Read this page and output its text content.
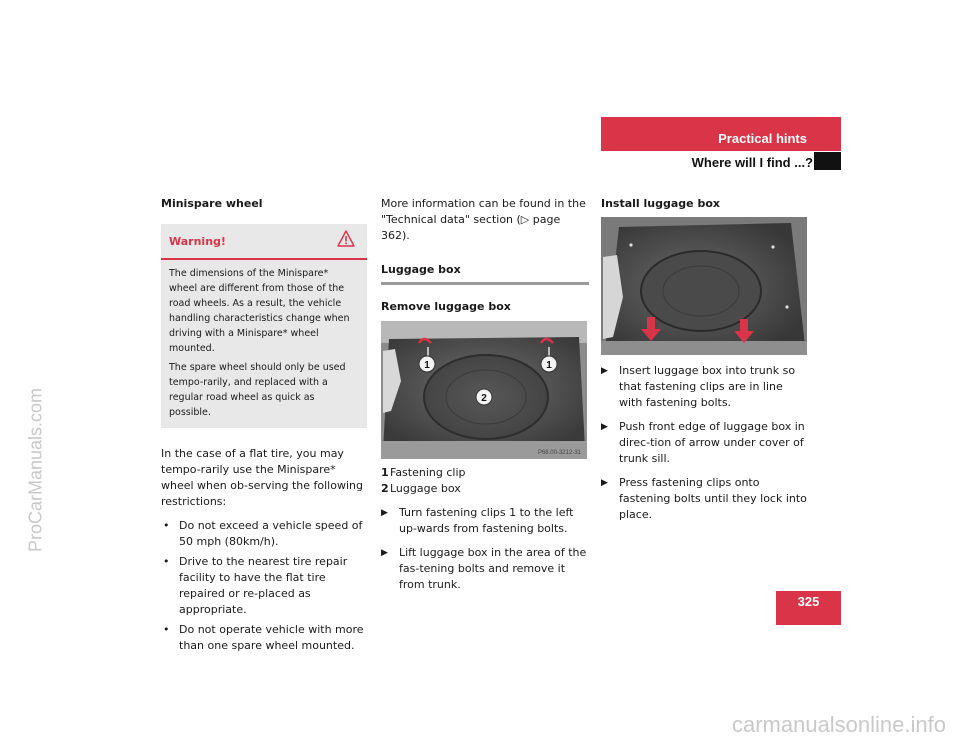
ProCarManuals.com
carmanualsonline.info
Practical hints
Where will I find ...?

Minispare wheel

Warning!

The dimensions of the Minispare* wheel are different from those of the road wheels. As a result, the vehicle handling characteristics change when driving with a Minispare* wheel mounted.

The spare wheel should only be used tempo-rarily, and replaced with a regular road wheel as quick as possible.

In the case of a flat tire, you may tempo-rarily use the Minispare* wheel when ob-serving the following restrictions:

• Do not exceed a vehicle speed of 50 mph (80km/h).
• Drive to the nearest tire repair facility to have the flat tire repaired or re-placed as appropriate.
• Do not operate vehicle with more than one spare wheel mounted.

More information can be found in the "Technical data" section (▷ page 362).

Luggage box

Remove luggage box

1	1
2
P68.00-3212-31
1Fastening clip
2Luggage box
▶ Turn fastening clips 1 to the left up-wards from fastening bolts.
▶ Lift luggage box in the area of the fas-tening bolts and remove it from trunk.

Install luggage box

▶ Insert luggage box into trunk so that fastening clips are in line with fastening bolts.
▶ Push front edge of luggage box in direc-tion of arrow under cover of trunk sill.
▶ Press fastening clips onto fastening bolts until they lock into place.
325
